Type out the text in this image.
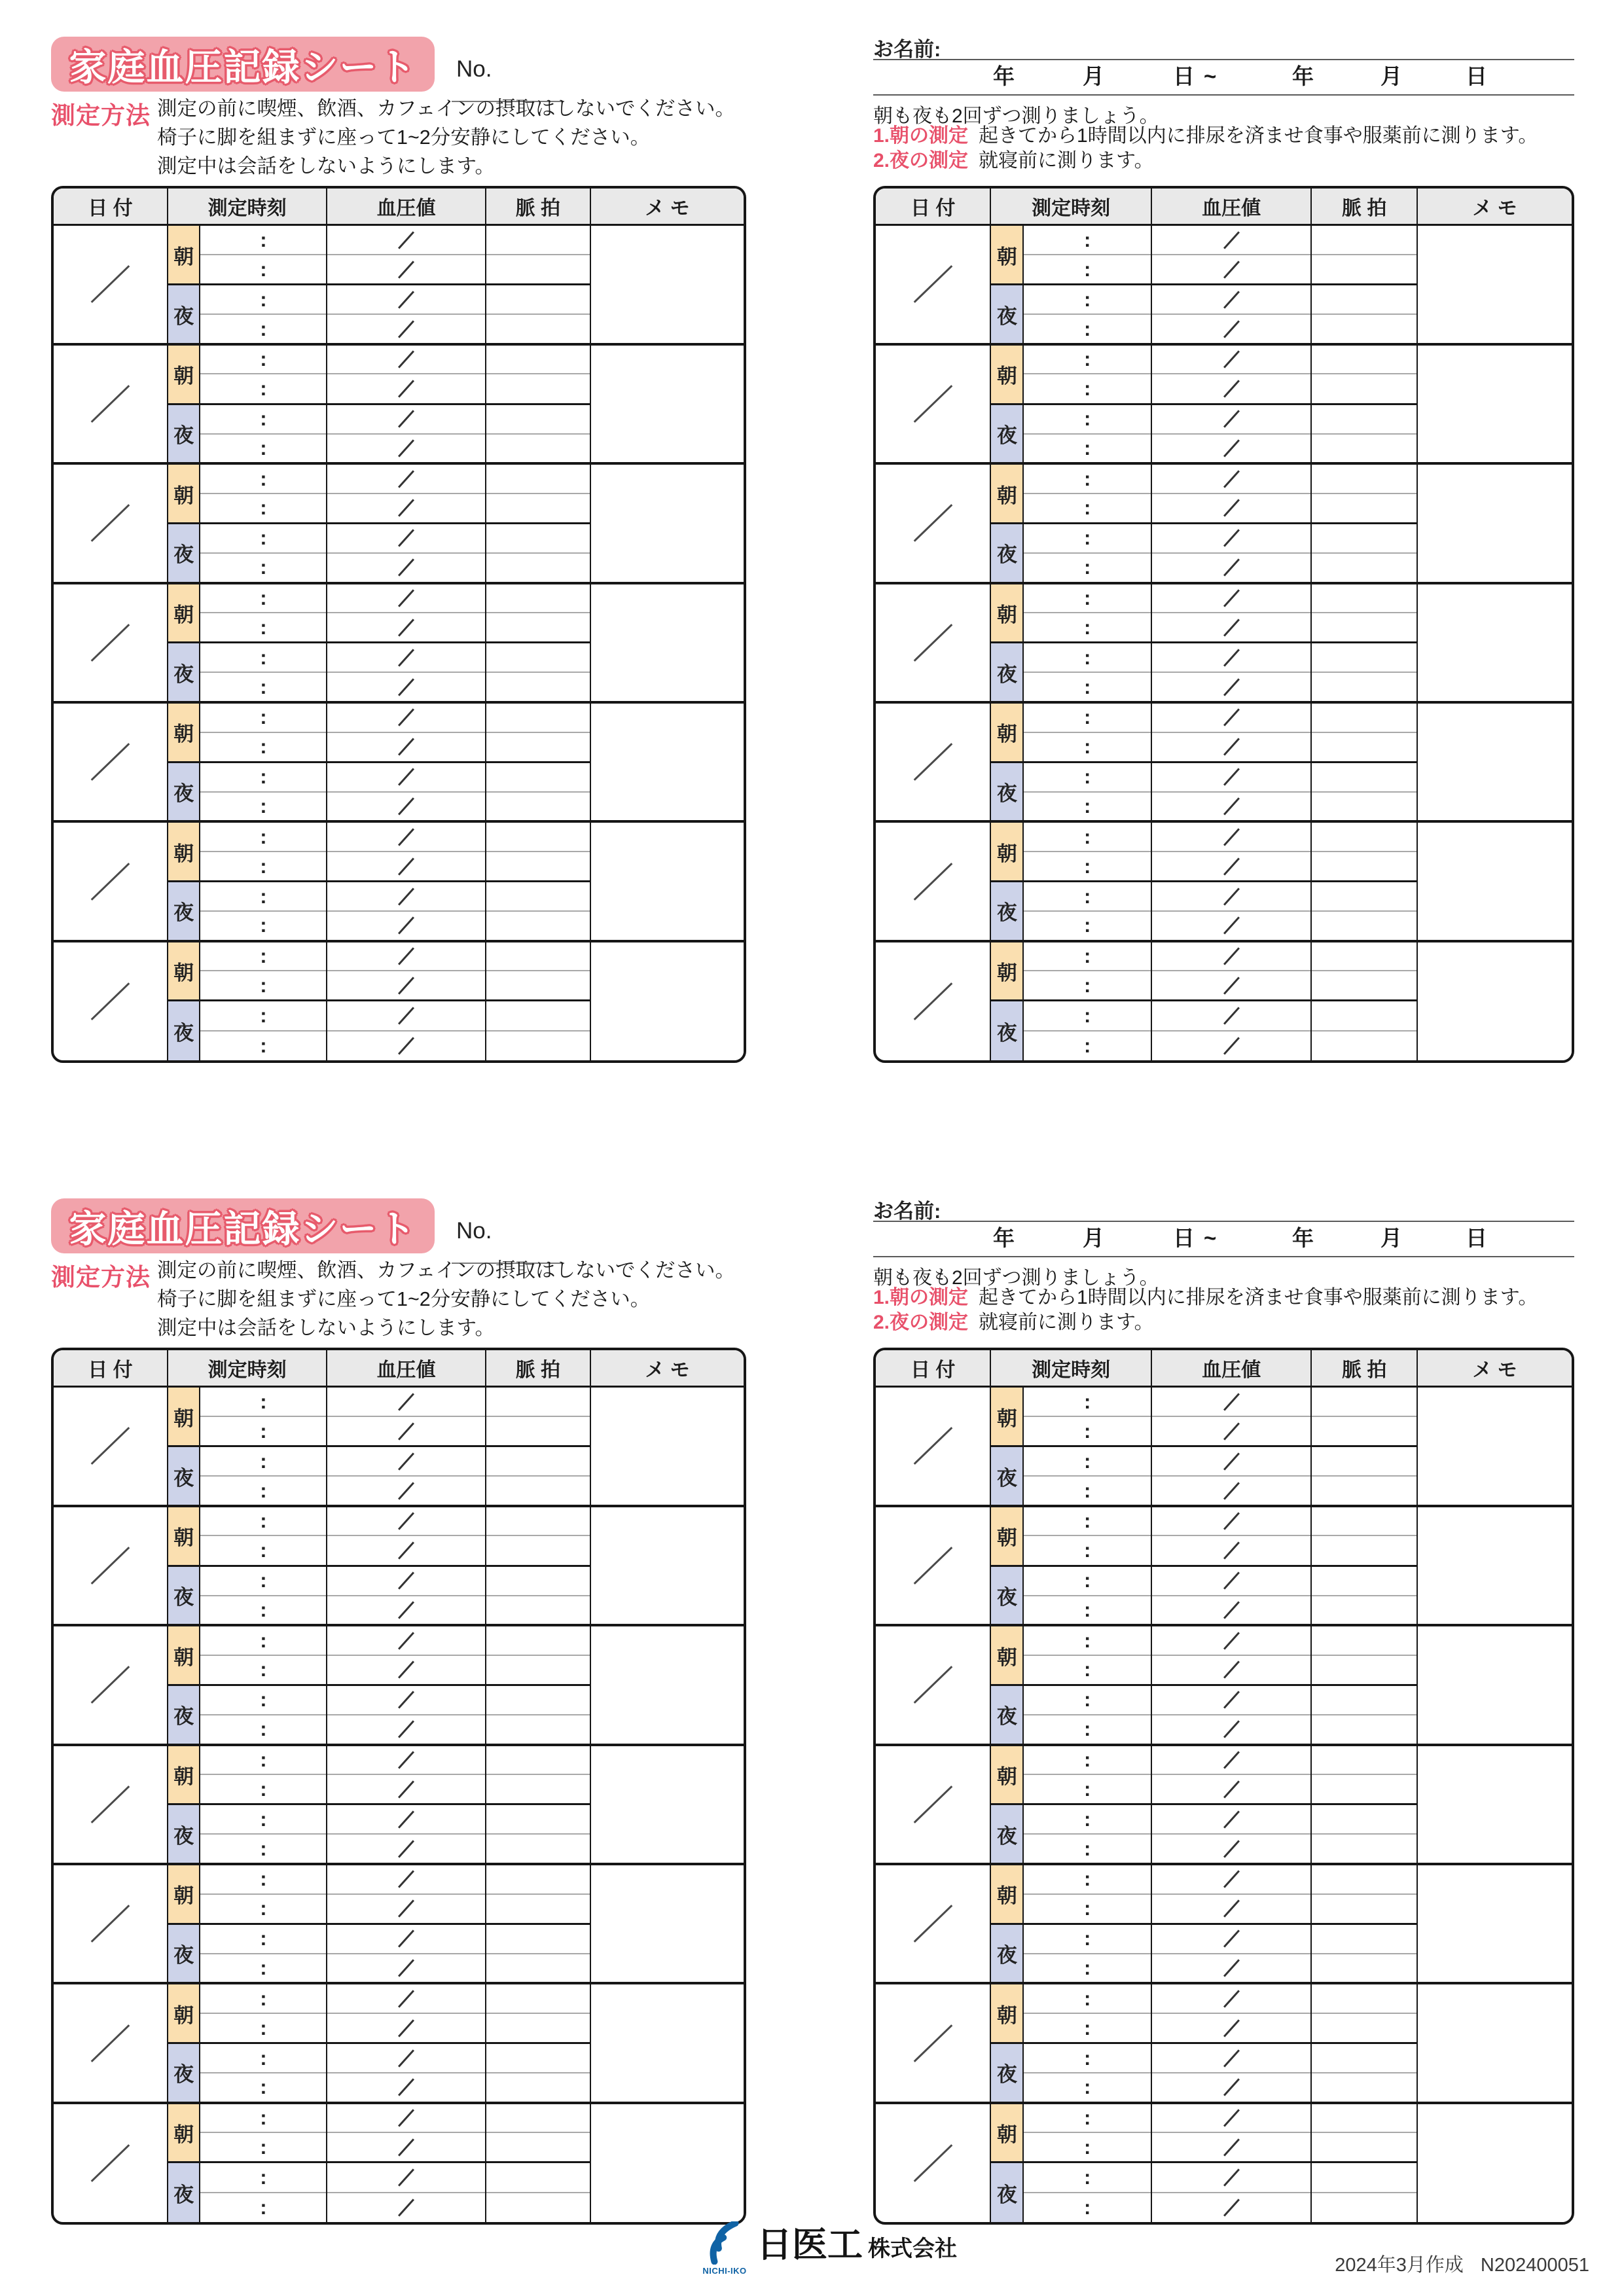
家庭血圧記録シート No.
測定方法 測定の前に喫煙、飲酒、カフェインの摂取はしないでください。
椅子に脚を組まずに座って1~2分安静にしてください。
測定中は会話をしないようにします。
お名前:
年	月	日 ~	年	月	日
朝も夜も2回ずつ測りましょう。
1.朝の測定 起きてから1時間以内に排尿を済ませ食事や服薬前に測ります。
2.夜の測定 就寝前に測ります。
日 付	測定時刻		血圧値	脈 拍	メ モ

	朝	:	

		:		

	夜	:		

		:		

	朝	:	

		:		

	夜	:		

		:		

	朝	:	

		:		

	夜	:		

		:		

	朝	:	

		:		

	夜	:		

		:		

	朝	:	

		:		

	夜	:		

		:		

	朝	:	

		:		

	夜	:		

		:		

	朝	:	

		:		

	夜	:		

		:		

日 付	測定時刻		血圧値	脈 拍	メ モ

	朝	:	

		:		

	夜	:		

		:		

	朝	:	

		:		

	夜	:		

		:		

	朝	:	

		:		

	夜	:		

		:		

	朝	:	

		:		

	夜	:		

		:		

	朝	:	

		:		

	夜	:		

		:		

	朝	:	

		:		

	夜	:		

		:		

	朝	:	

		:		

	夜	:		

		:		

家庭血圧記録シート No.
測定方法 測定の前に喫煙、飲酒、カフェインの摂取はしないでください。
椅子に脚を組まずに座って1~2分安静にしてください。
測定中は会話をしないようにします。
お名前:
年	月	日 ~	年	月	日
朝も夜も2回ずつ測りましょう。
1.朝の測定 起きてから1時間以内に排尿を済ませ食事や服薬前に測ります。
2.夜の測定 就寝前に測ります。
日 付	測定時刻		血圧値	脈 拍	メ モ

	朝	:	

		:		

	夜	:		

		:		

	朝	:	

		:		

	夜	:		

		:		

	朝	:	

		:		

	夜	:		

		:		

	朝	:	

		:		

	夜	:		

		:		

	朝	:	

		:		

	夜	:		

		:		

	朝	:	

		:		

	夜	:		

		:		

	朝	:	

		:		

	夜	:		

		:		

日 付	測定時刻		血圧値	脈 拍	メ モ

	朝	:	

		:		

	夜	:		

		:		

	朝	:	

		:		

	夜	:		

		:		

	朝	:	

		:		

	夜	:		

		:		

	朝	:	

		:		

	夜	:		

		:		

	朝	:	

		:		

	夜	:		

		:		

	朝	:	

		:		

	夜	:		

		:		

	朝	:	

		:		

	夜	:		

		:		

NICHI-IKO
日医工 株式会社
2024年3月作成 N202400051
